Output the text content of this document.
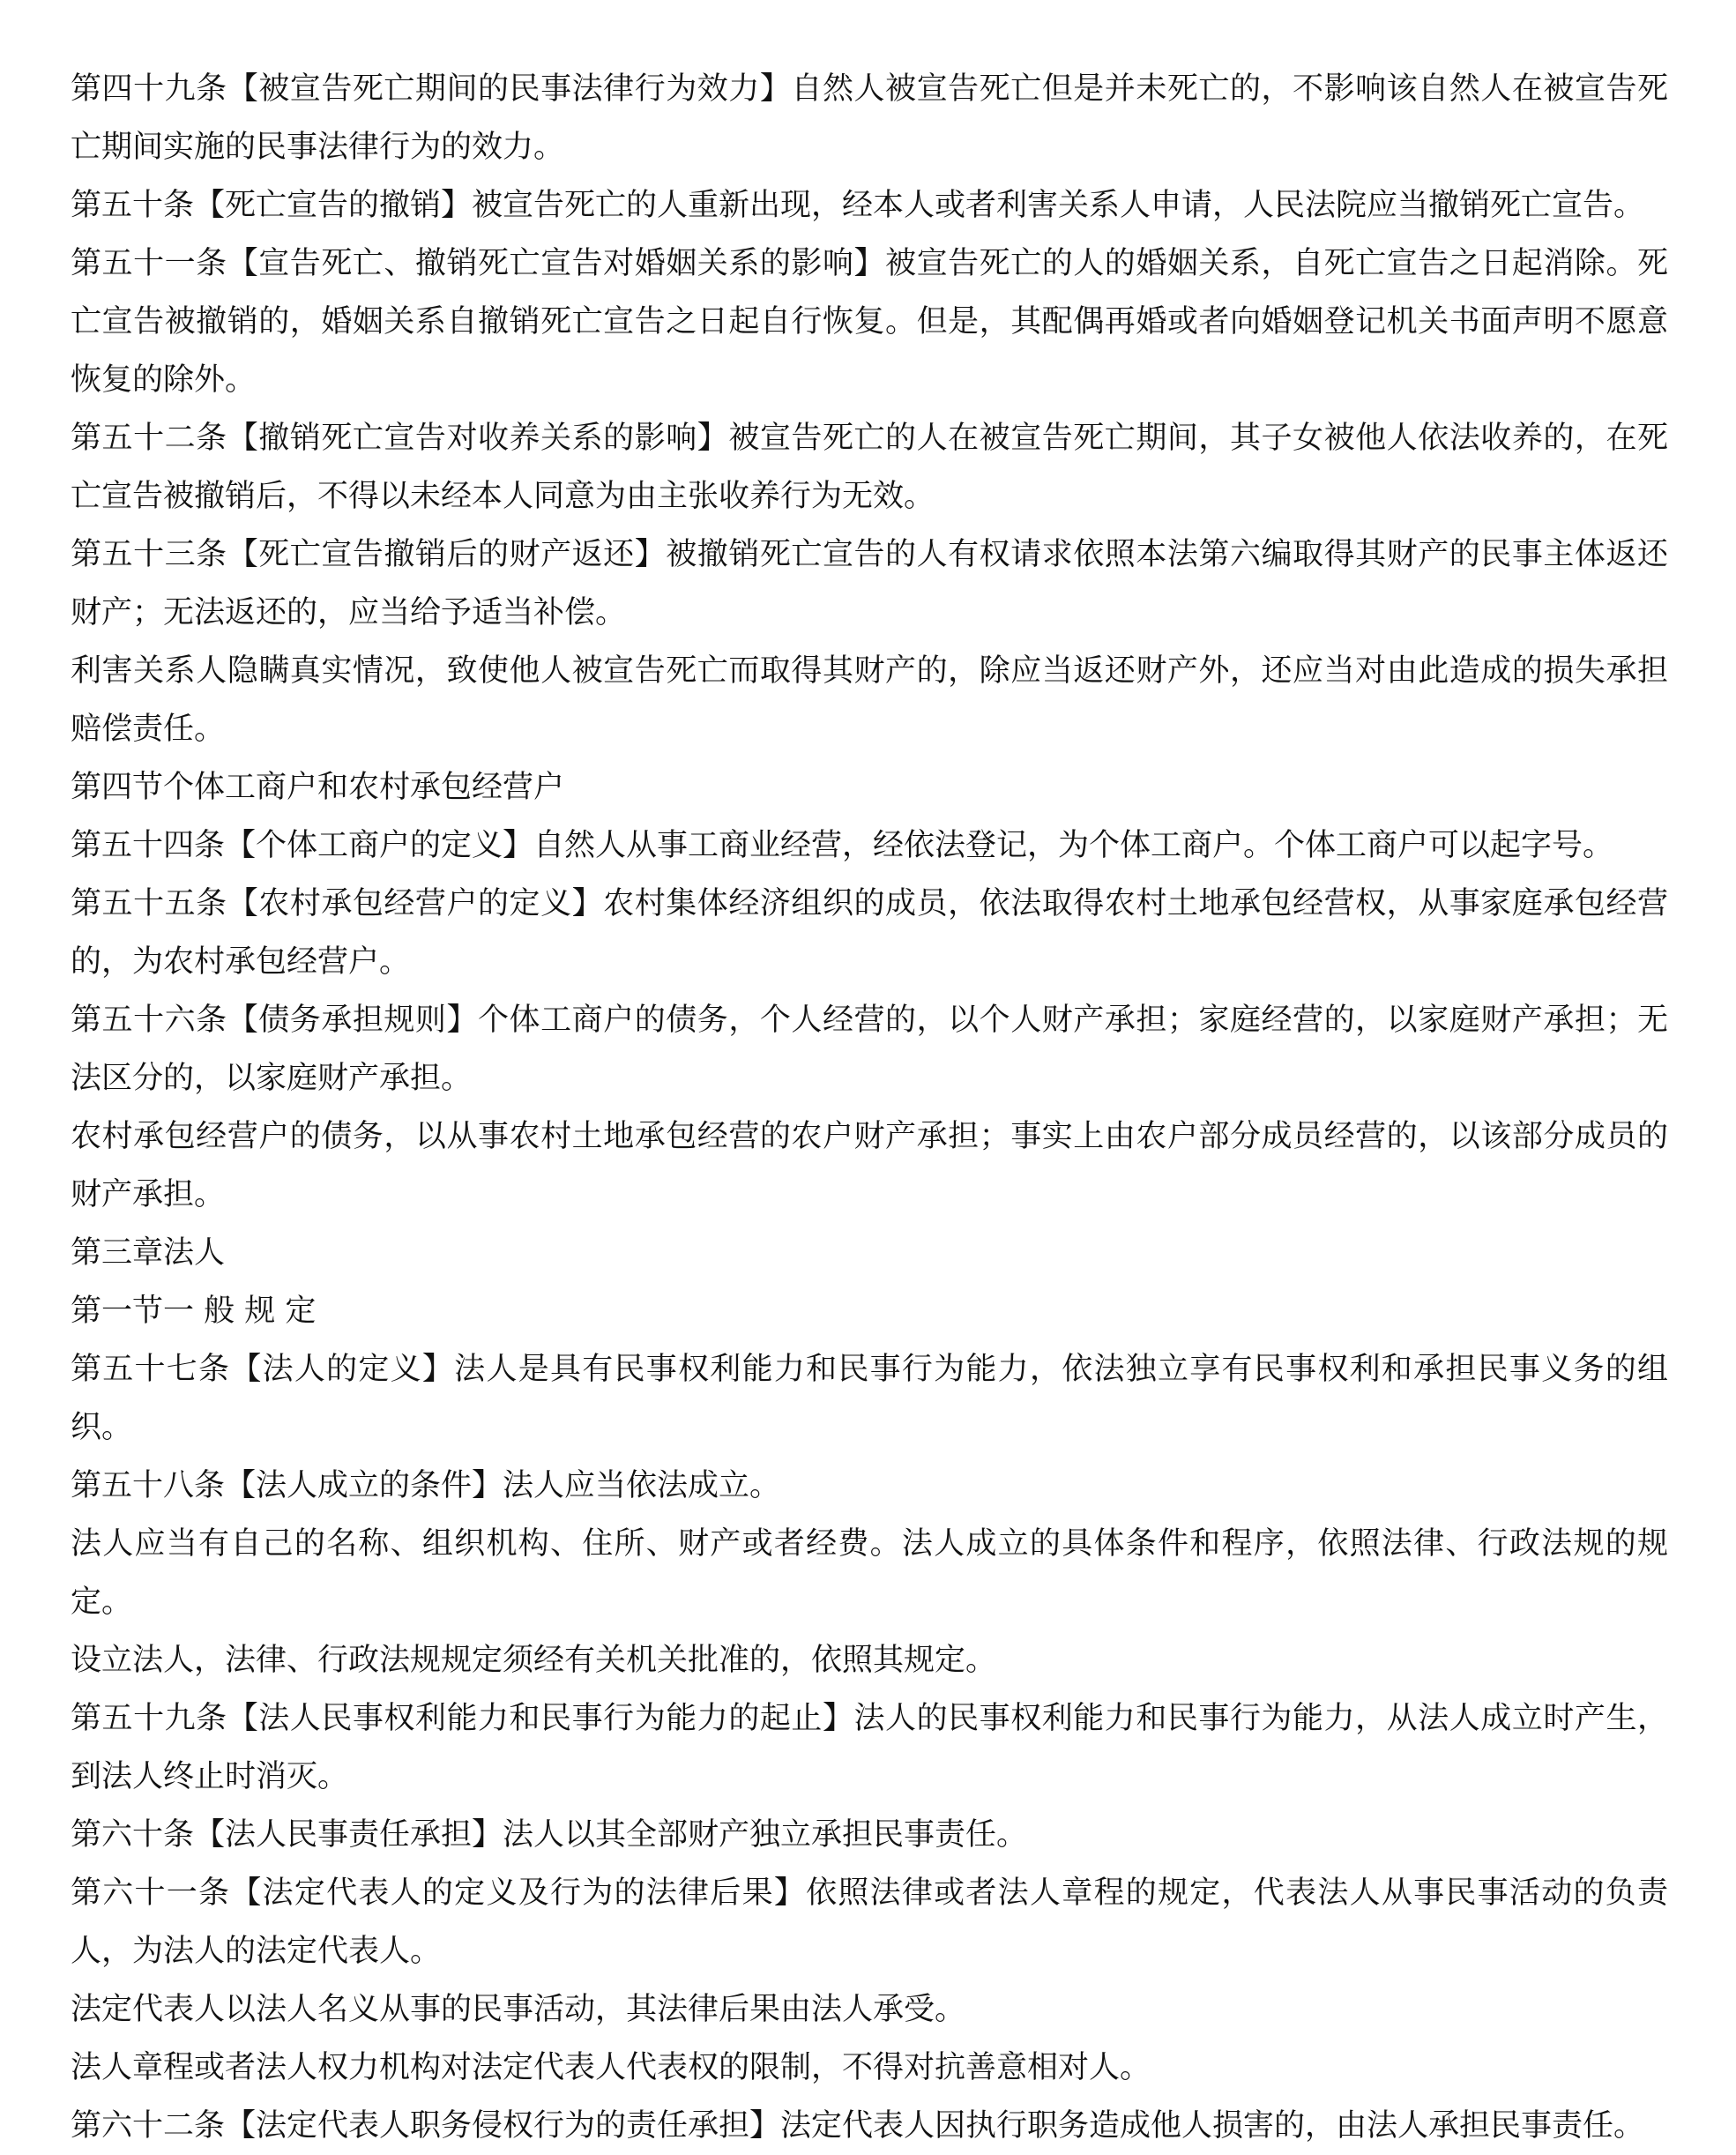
第四十九条【被宣告死亡期间的民事法律行为效力】自然人被宣告死亡但是并未死亡的，不影响该自然人在被宣告死亡期间实施的民事法律行为的效力。

第五十条【死亡宣告的撤销】被宣告死亡的人重新出现，经本人或者利害关系人申请，人民法院应当撤销死亡宣告。

第五十一条【宣告死亡、撤销死亡宣告对婚姻关系的影响】被宣告死亡的人的婚姻关系，自死亡宣告之日起消除。死亡宣告被撤销的，婚姻关系自撤销死亡宣告之日起自行恢复。但是，其配偶再婚或者向婚姻登记机关书面声明不愿意恢复的除外。

第五十二条【撤销死亡宣告对收养关系的影响】被宣告死亡的人在被宣告死亡期间，其子女被他人依法收养的，在死亡宣告被撤销后，不得以未经本人同意为由主张收养行为无效。

第五十三条【死亡宣告撤销后的财产返还】被撤销死亡宣告的人有权请求依照本法第六编取得其财产的民事主体返还财产；无法返还的，应当给予适当补偿。

利害关系人隐瞒真实情况，致使他人被宣告死亡而取得其财产的，除应当返还财产外，还应当对由此造成的损失承担赔偿责任。

第四节个体工商户和农村承包经营户

第五十四条【个体工商户的定义】自然人从事工商业经营，经依法登记，为个体工商户。个体工商户可以起字号。

第五十五条【农村承包经营户的定义】农村集体经济组织的成员，依法取得农村土地承包经营权，从事家庭承包经营的，为农村承包经营户。

第五十六条【债务承担规则】个体工商户的债务，个人经营的，以个人财产承担；家庭经营的，以家庭财产承担；无法区分的，以家庭财产承担。

农村承包经营户的债务，以从事农村土地承包经营的农户财产承担；事实上由农户部分成员经营的，以该部分成员的财产承担。

第三章法人

第一节一 般 规 定

第五十七条【法人的定义】法人是具有民事权利能力和民事行为能力，依法独立享有民事权利和承担民事义务的组织。

第五十八条【法人成立的条件】法人应当依法成立。

法人应当有自己的名称、组织机构、住所、财产或者经费。法人成立的具体条件和程序，依照法律、行政法规的规定。

设立法人，法律、行政法规规定须经有关机关批准的，依照其规定。

第五十九条【法人民事权利能力和民事行为能力的起止】法人的民事权利能力和民事行为能力，从法人成立时产生，到法人终止时消灭。

第六十条【法人民事责任承担】法人以其全部财产独立承担民事责任。

第六十一条【法定代表人的定义及行为的法律后果】依照法律或者法人章程的规定，代表法人从事民事活动的负责人，为法人的法定代表人。

法定代表人以法人名义从事的民事活动，其法律后果由法人承受。

法人章程或者法人权力机构对法定代表人代表权的限制，不得对抗善意相对人。

第六十二条【法定代表人职务侵权行为的责任承担】法定代表人因执行职务造成他人损害的，由法人承担民事责任。
